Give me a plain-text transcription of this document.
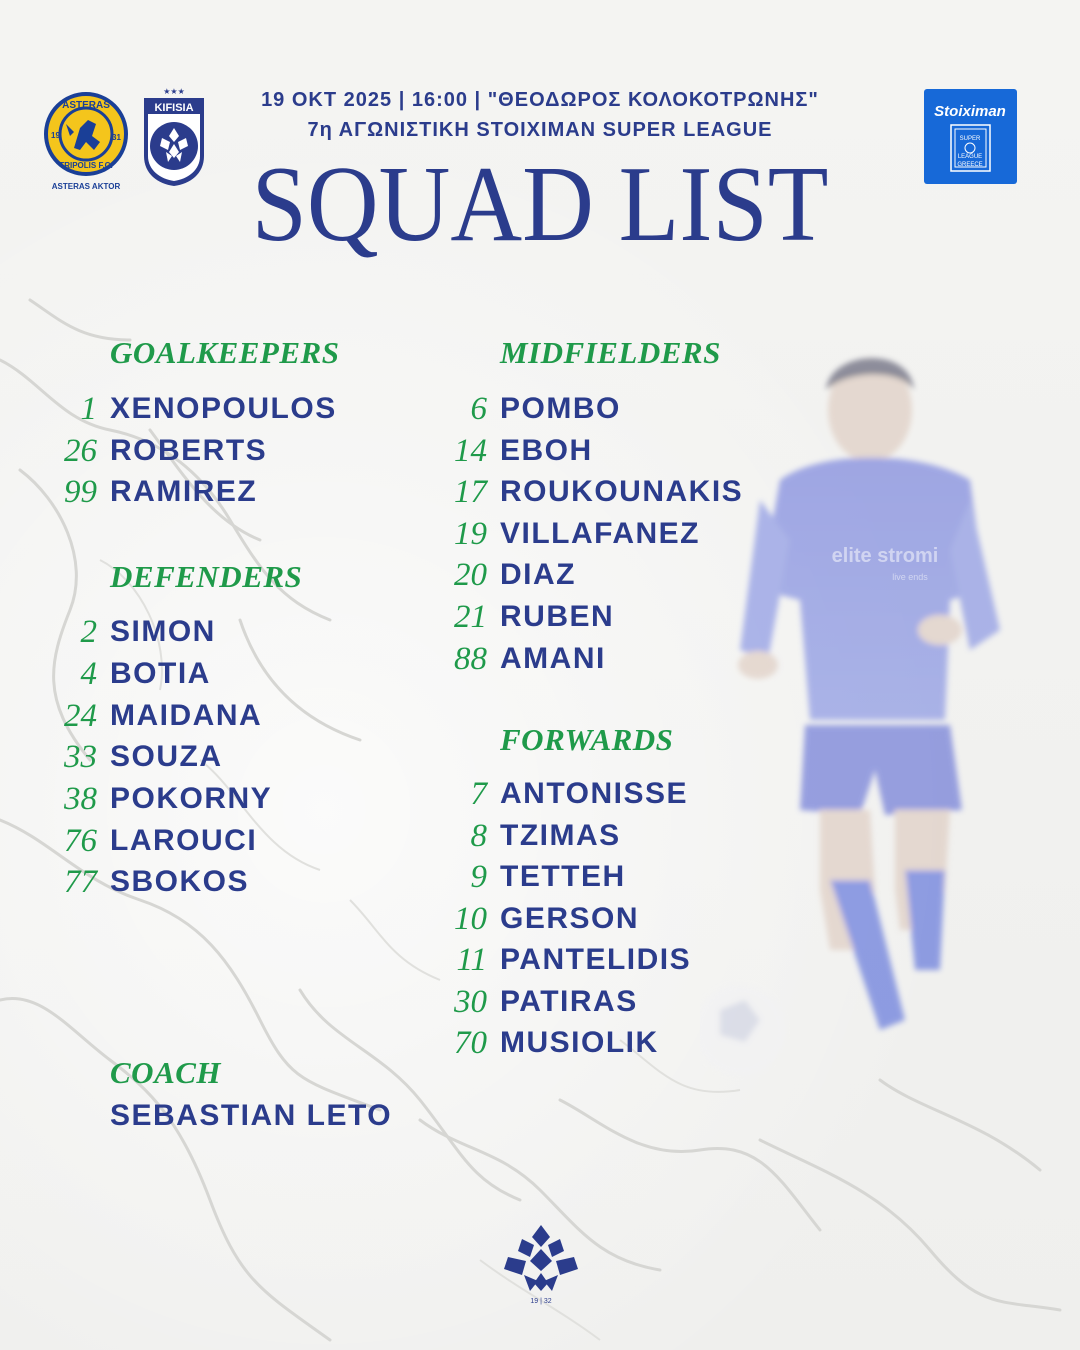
ASTERAS
19	31
TRIPOLIS F.C.
ASTERAS AKTOR
★★★
KIFISIA
19 32
Stoiximan
SUPER
LEAGUE
GREECE
19 ΟΚΤ 2025 | 16:00 | "ΘΕΟΔΩΡΟΣ ΚΟΛΟΚΟΤΡΩΝΗΣ"
7η ΑΓΩΝΙΣΤΙΚΗ STOIXIMAN SUPER LEAGUE
SQUAD LIST
elite stromi
live ends
GOALKEEPERS
1 XENOPOULOS
26 ROBERTS
99 RAMIREZ
DEFENDERS
2 SIMON
4 BOTIA
24 MAIDANA
33 SOUZA
38 POKORNY
76 LAROUCI
77 SBOKOS
COACH
SEBASTIAN LETO
MIDFIELDERS
6 POMBO
14 EBOH
17 ROUKOUNAKIS
19 VILLAFANEZ
20 DIAZ
21 RUBEN
88 AMANI
FORWARDS
7 ANTONISSE
8 TZIMAS
9 TETTEH
10 GERSON
11 PANTELIDIS
30 PATIRAS
70 MUSIOLIK
19 | 32
